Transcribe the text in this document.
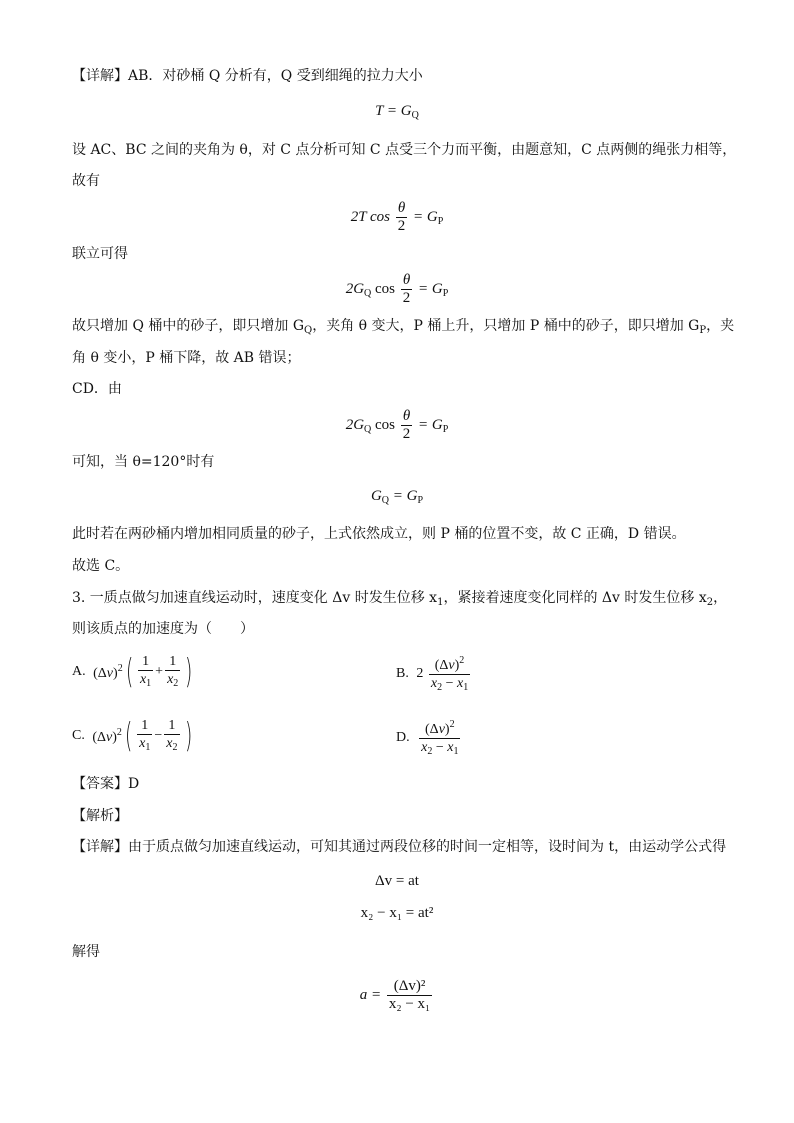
【详解】AB．对砂桶 Q 分析有，Q 受到细绳的拉力大小
$T = G_Q$
设 AC、BC 之间的夹角为 θ，对 C 点分析可知 C 点受三个力而平衡，由题意知，C 点两侧的绳张力相等，
故有
2T $\cos \frac{\theta}{2} = G_P$
联立可得
$2G_Q$ $\cos \frac{\theta}{2} = G_P$
故只增加 Q 桶中的砂子，即只增加 $G_Q$，夹角 θ 变大，P 桶上升，只增加 P 桶中的砂子，即只增加 $G_P$，夹
角 θ 变小，P 桶下降，故 AB 错误；
CD．由
$2G_Q$ $\cos \frac{\theta}{2} = G_P$
可知，当 θ=120°时有
$G_Q = G_P$
此时若在两砂桶内增加相同质量的砂子，上式依然成立，则 P 桶的位置不变，故 C 正确，D 错误。
故选 C。
3. 一质点做匀加速直线运动时，速度变化 Δv 时发生位移 $x_1$，紧接着速度变化同样的 Δv 时发生位移 $x_2$，
则该质点的加速度为（　　）
A. $(\Delta v)^2( \frac{1}{x_1} + \frac{1}{x_2}$ )	B. $2 \frac{(\Delta v)^2}{x_2 - x_1}$
C. $(\Delta v)^2( \frac{1}{x_1} - \frac{1}{x_2}$ )	D. $\frac{(\Delta v)^2}{x_2 - x_1}$
【答案】D
【解析】
【详解】由于质点做匀加速直线运动，可知其通过两段位移的时间一定相等，设时间为 t，由运动学公式得
Δv = at
x₂ − x₁ = at²
解得
$a = \frac{\text{(Δv)²}}{\text{x₂ − x₁}}$
